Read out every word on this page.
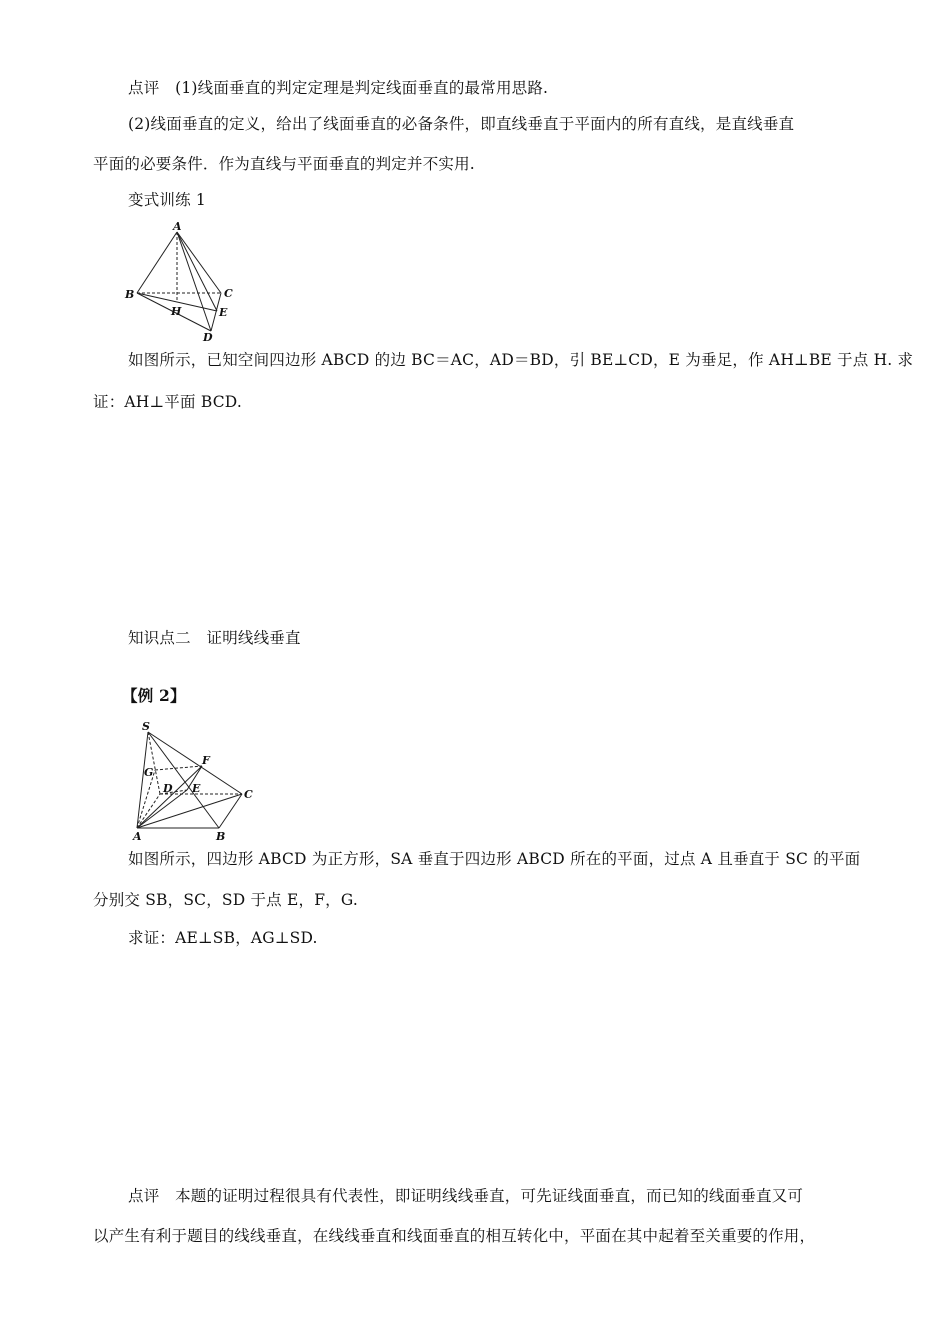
点评　(1)线面垂直的判定定理是判定线面垂直的最常用思路.
(2)线面垂直的定义，给出了线面垂直的必备条件，即直线垂直于平面内的所有直线，是直线垂直
平面的必要条件．作为直线与平面垂直的判定并不实用.
变式训练 1
A
B	C
H	E
D
如图所示，已知空间四边形 ABCD 的边 BC＝AC，AD＝BD，引 BE⊥CD，E 为垂足，作 AH⊥BE 于点 H. 求
证：AH⊥平面 BCD.
知识点二　证明线线垂直
【例 2】
S
F
G
D E	C
A	B
如图所示，四边形 ABCD 为正方形，SA 垂直于四边形 ABCD 所在的平面，过点 A 且垂直于 SC 的平面
分别交 SB，SC，SD 于点 E，F，G.
求证：AE⊥SB，AG⊥SD.
点评　本题的证明过程很具有代表性，即证明线线垂直，可先证线面垂直，而已知的线面垂直又可
以产生有利于题目的线线垂直，在线线垂直和线面垂直的相互转化中，平面在其中起着至关重要的作用，
